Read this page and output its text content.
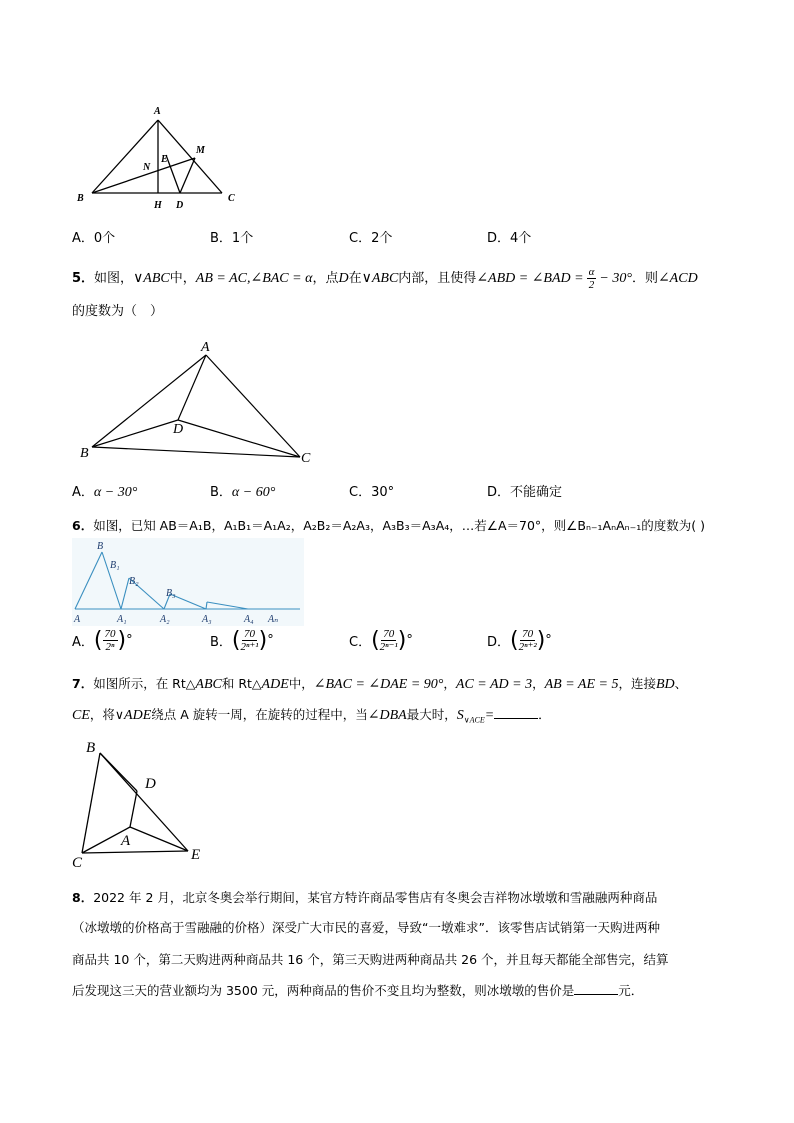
A
B	C
D
E
H
M
N
A．0个	B．1个	C．2个	D．4个
5． 如图， ∨ABC 中， AB = AC,∠BAC = α ，点 D 在 ∨ABC 内部，且使得 ∠ABD = ∠BAD = $\frac{\alpha}{2} - 30^\circ$ ．则 ∠ACD
的度数为（　）
A
B	C
D
A．α − 30°	B．α − 60°	C．30°	D．不能确定
6．如图，已知 AB＝A₁B，A₁B₁＝A₁A₂，A₂B₂＝A₂A₃，A₃B₃＝A₃A₄，…若∠A＝70°，则∠Bₙ₋₁AₙAₙ₋₁的度数为( )
B
B₁
B₂
B₃
A	A₁	A₂	A₃	A₄ Aₙ
A． ( $\frac{70}{\text{2ⁿ}}$ ) °	B． ( $\frac{70}{\text{2ⁿ⁺¹}}$ ) °	C． ( $\frac{70}{\text{2ⁿ⁻¹}}$ ) °	D． ( $\frac{70}{\text{2ⁿ⁺²}}$ ) °
7．如图所示，在 Rt△ABC和 Rt△ADE中，∠BAC = ∠DAE = 90°，AC = AD = 3，AB = AE = 5，连接BD、
CE，将∨ADE绕点 A 旋转一周，在旋转的过程中，当∠DBA最大时，$S_{\vee ACE}=$	．
B
D
A
C	E
8．2022 年 2 月，北京冬奥会举行期间，某官方特许商品零售店有冬奥会吉祥物冰墩墩和雪融融两种商品
（冰墩墩的价格高于雪融融的价格）深受广大市民的喜爱，导致“一墩难求”．该零售店试销第一天购进两种
商品共 10 个，第二天购进两种商品共 16 个，第三天购进两种商品共 26 个，并且每天都能全部售完，结算
后发现这三天的营业额均为 3500 元，两种商品的售价不变且均为整数，则冰墩墩的售价是	元．
